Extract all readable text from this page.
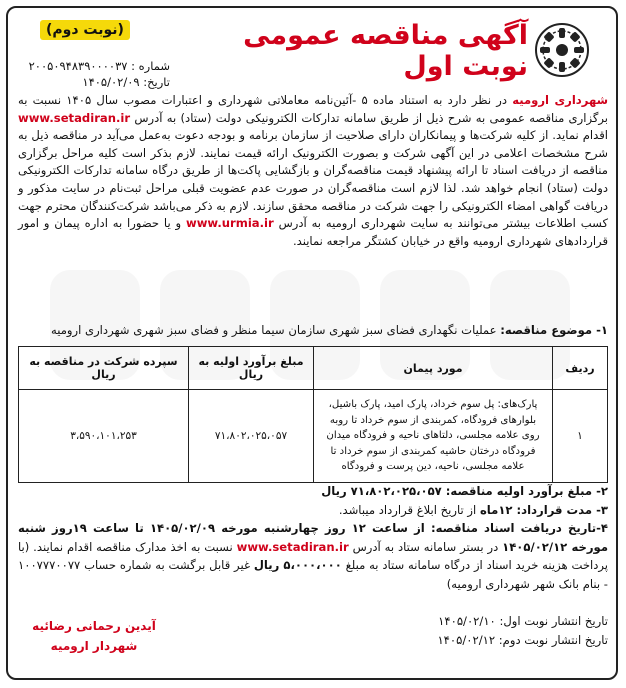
آگهی مناقصه عمومی نوبت اول
(نوبت دوم)
شماره : ۲۰۰۵۰۹۴۸۳۹۰۰۰۰۳۷
تاریخ: ۱۴۰۵/۰۲/۰۹

شهرداری ارومیه در نظر دارد به استناد ماده ۵ -آئین‌نامه معاملاتی شهرداری و اعتبارات مصوب سال ۱۴۰۵ نسبت به برگزاری مناقصه عمومی به شرح ذیل از طریق سامانه تدارکات الکترونیکی دولت (ستاد) به آدرس www.setadiran.ir اقدام نماید. از کلیه شرکت‌ها و پیمانکاران دارای صلاحیت از سازمان برنامه و بودجه دعوت به‌عمل می‌آید در مناقصه ذیل به شرح مشخصات اعلامی در این آگهی شرکت و بصورت الکترونیک ارائه قیمت نمایند. لازم بذکر است کلیه مراحل برگزاری مناقصه از دریافت اسناد تا ارائه پیشنهاد قیمت مناقصه‌گران و بازگشایی پاکت‌ها از طریق درگاه سامانه تدارکات الکترونیکی دولت (ستاد) انجام خواهد شد. لذا لازم است مناقصه‌گران در صورت عدم عضویت قبلی مراحل ثبت‌نام در سایت مذکور و دریافت گواهی امضاء الکترونیکی را جهت شرکت در مناقصه محقق سازند. لازم به ذکر می‌باشد شرکت‌کنندگان محترم جهت کسب اطلاعات بیشتر می‌توانند به سایت شهرداری ارومیه به آدرس www.urmia.ir و یا حضورا به اداره پیمان و امور قراردادهای شهرداری ارومیه واقع در خیابان کشتگر مراجعه نمایند.

۱- موضوع مناقصه: عملیات نگهداری فضای سبز شهری سازمان سیما منظر و فضای سبز شهری شهرداری ارومیه
ردیف	مورد پیمان	مبلغ برآورد اولیه به ریال	سپرده شرکت در مناقصه به ریال
۱	پارک‌های: پل سوم خرداد، پارک امید، پارک باشیل، بلوارهای فرودگاه، کمربندی از سوم خرداد تا روبه روی علامه مجلسی، دلتاهای ناحیه و فرودگاه میدان فرودگاه درختان حاشیه کمربندی از سوم خرداد تا علامه مجلسی، ناحیه، دین پرست و فرودگاه	۷۱،۸۰۲،۰۲۵،۰۵۷	۳،۵۹۰،۱۰۱،۲۵۳

۲- مبلغ برآورد اولیه مناقصه: ۷۱،۸۰۲،۰۲۵،۰۵۷ ریال

۳- مدت قرارداد: ۱۲ماه از تاریخ ابلاغ قرارداد میباشد.

۴-تاریخ دریافت اسناد مناقصه: از ساعت ۱۲ روز چهارشنبه مورخه ۱۴۰۵/۰۲/۰۹ تا ساعت ۱۹روز شنبه مورخه ۱۴۰۵/۰۲/۱۲ در بستر سامانه ستاد به آدرس www.setadiran.ir نسبت به اخذ مدارک مناقصه اقدام نمایند. (با پرداخت هزینه خرید اسناد از درگاه سامانه ستاد به مبلغ ۵،۰۰۰،۰۰۰ ریال غیر قابل برگشت به شماره حساب ۱۰۰۷۷۷۰۰۷۷ - بنام بانک شهر شهرداری ارومیه)

تاریخ انتشار نوبت اول: ۱۴۰۵/۰۲/۱۰

تاریخ انتشار نوبت دوم: ۱۴۰۵/۰۲/۱۲

آیدین رحمانی رضائیه
شهردار ارومیه
